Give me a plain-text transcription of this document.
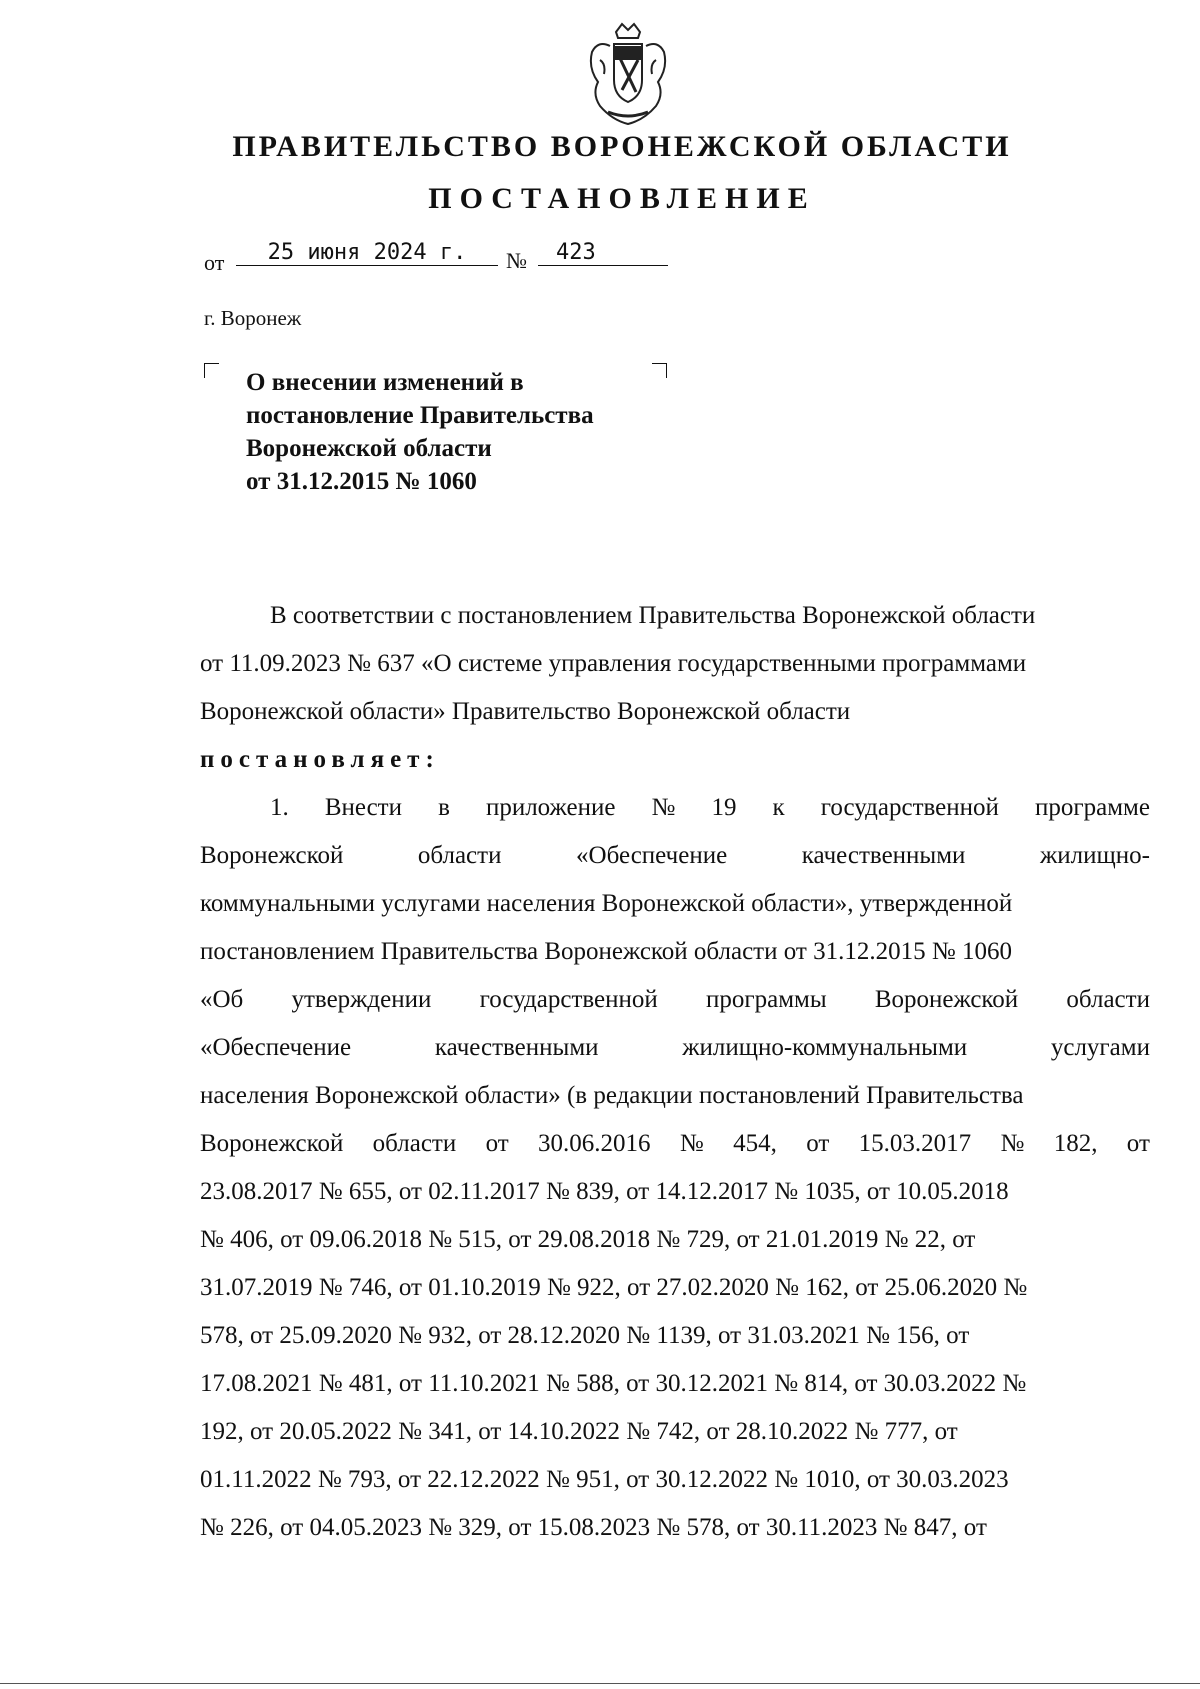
ПРАВИТЕЛЬСТВО ВОРОНЕЖСКОЙ ОБЛАСТИ
ПОСТАНОВЛЕНИЕ
от	25 июня 2024 г.	№	423
г. Воронеж
О внесении изменений в
постановление Правительства
Воронежской области
от 31.12.2015 № 1060
В соответствии с постановлением Правительства Воронежской области
от 11.09.2023 № 637 «О системе управления государственными программами
Воронежской области» Правительство Воронежской области
постановляет:
1. Внести в приложение № 19 к государственной программе
Воронежской	области	«Обеспечение	качественными	жилищно-
коммунальными услугами населения Воронежской области», утвержденной
постановлением Правительства Воронежской области от 31.12.2015 № 1060
«Об утверждении государственной программы Воронежской области
«Обеспечение	качественными	жилищно-коммунальными	услугами
населения Воронежской области» (в редакции постановлений Правительства
Воронежской области от 30.06.2016 № 454, от 15.03.2017 № 182, от
23.08.2017 № 655, от 02.11.2017 № 839, от 14.12.2017 № 1035, от 10.05.2018
№ 406, от 09.06.2018 № 515, от 29.08.2018 № 729, от 21.01.2019 № 22, от
31.07.2019 № 746, от 01.10.2019 № 922, от 27.02.2020 № 162, от 25.06.2020 №
578, от 25.09.2020 № 932, от 28.12.2020 № 1139, от 31.03.2021 № 156, от
17.08.2021 № 481, от 11.10.2021 № 588, от 30.12.2021 № 814, от 30.03.2022 №
192, от 20.05.2022 № 341, от 14.10.2022 № 742, от 28.10.2022 № 777, от
01.11.2022 № 793, от 22.12.2022 № 951, от 30.12.2022 № 1010, от 30.03.2023
№ 226, от 04.05.2023 № 329, от 15.08.2023 № 578, от 30.11.2023 № 847, от
